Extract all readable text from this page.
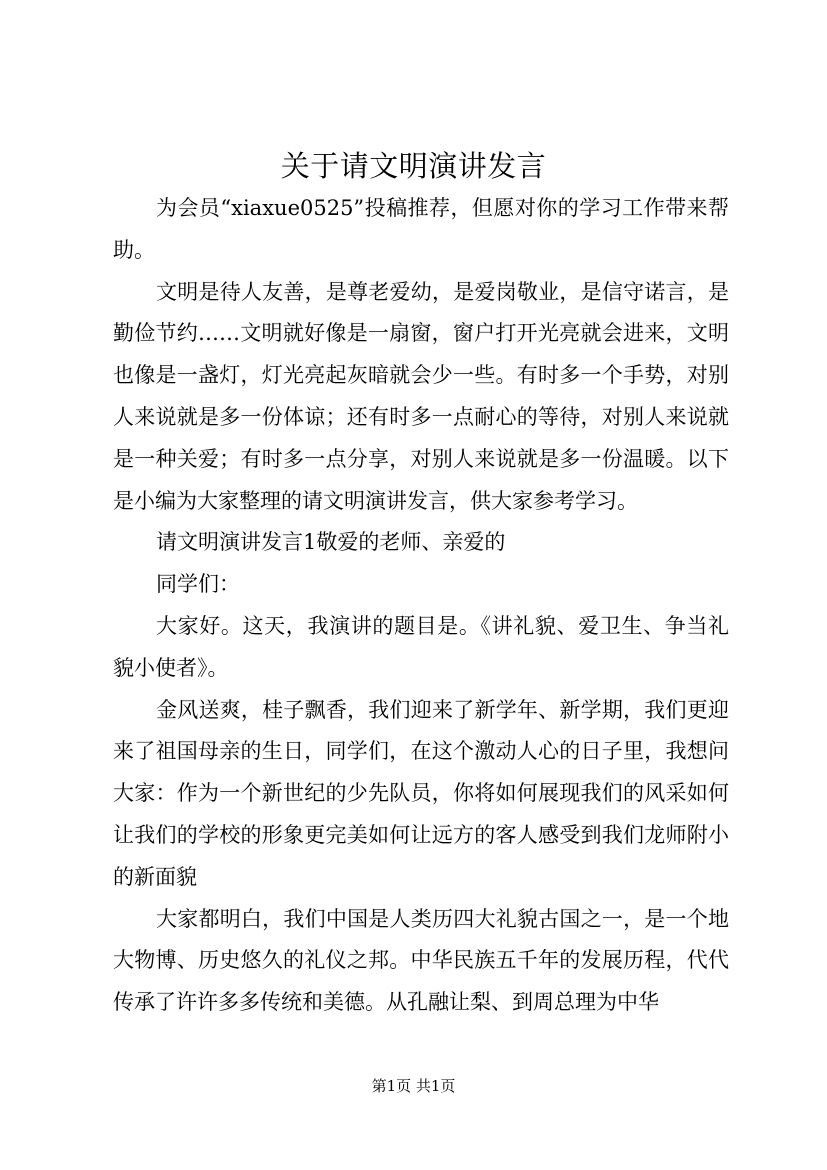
关于请文明演讲发言

为会员“xiaxue0525”投稿推荐，但愿对你的学习工作带来帮助。

文明是待人友善，是尊老爱幼，是爱岗敬业，是信守诺言，是勤俭节约……文明就好像是一扇窗，窗户打开光亮就会进来，文明也像是一盏灯，灯光亮起灰暗就会少一些。有时多一个手势，对别人来说就是多一份体谅；还有时多一点耐心的等待，对别人来说就是一种关爱；有时多一点分享，对别人来说就是多一份温暖。以下是小编为大家整理的请文明演讲发言，供大家参考学习。

请文明演讲发言1敬爱的老师、亲爱的

同学们：

大家好。这天，我演讲的题目是。《讲礼貌、爱卫生、争当礼貌小使者》。

金风送爽，桂子飘香，我们迎来了新学年、新学期，我们更迎来了祖国母亲的生日，同学们，在这个激动人心的日子里，我想问大家：作为一个新世纪的少先队员，你将如何展现我们的风采如何让我们的学校的形象更完美如何让远方的客人感受到我们龙师附小的新面貌

大家都明白，我们中国是人类历四大礼貌古国之一，是一个地大物博、历史悠久的礼仪之邦。中华民族五千年的发展历程，代代传承了许许多多传统和美德。从孔融让梨、到周总理为中华

第1页 共1页
